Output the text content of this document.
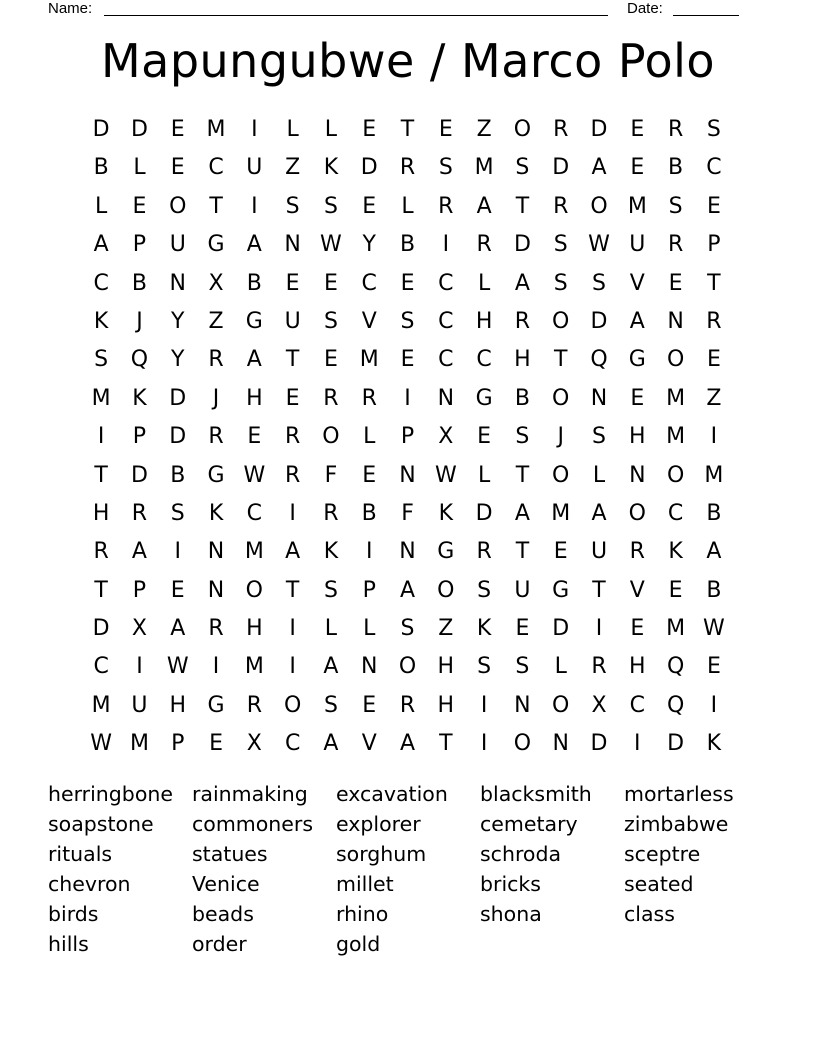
Name:	Date:
Mapungubwe / Marco Polo
D D	E M	I	L	L	E	T	E	Z	O R	D	E	R	S
B	L	E	C	U	Z	K	D	R	S M S	D	A	E	B	C
L	E	O	T	I	S	S	E	L	R	A	T	R O M S	E
A	P	U G	A	N W Y	B	I	R	D	S W U	R	P
C	B	N	X	B	E	E	C	E	C	L	A	S	S	V	E	T
K	J	Y	Z	G U	S	V	S	C	H	R O D	A	N	R
S	Q	Y	R	A	T	E M E	C	C	H	T	Q G O	E
M K	D	J	H	E	R	R	I	N G	B	O N	E M Z
I	P	D	R	E	R O	L	P	X	E	S	J	S	H M	I
T	D	B	G W R	F	E	N W L	T	O	L	N O M
H	R	S	K	C	I	R	B	F	K	D	A M A	O C	B
R	A	I	N M A	K	I	N G	R	T	E	U	R	K	A
T	P	E	N O	T	S	P	A	O	S	U G	T	V	E	B
D	X	A	R	H	I	L	L	S	Z	K	E	D	I	E M W
C	I	W	I	M	I	A	N O H	S	S	L	R	H Q	E
M U H G	R O	S	E	R	H	I	N O	X	C Q	I
W M	P	E	X	C	A	V	A	T	I	O N D	I	D	K
herringbone rainmaking excavation blacksmith mortarless
soapstone commoners explorer	cemetary zimbabwe
rituals	statues	sorghum	schroda	sceptre
chevron	Venice	millet	bricks	seated
birds	beads	rhino	shona	class
hills	order	gold
